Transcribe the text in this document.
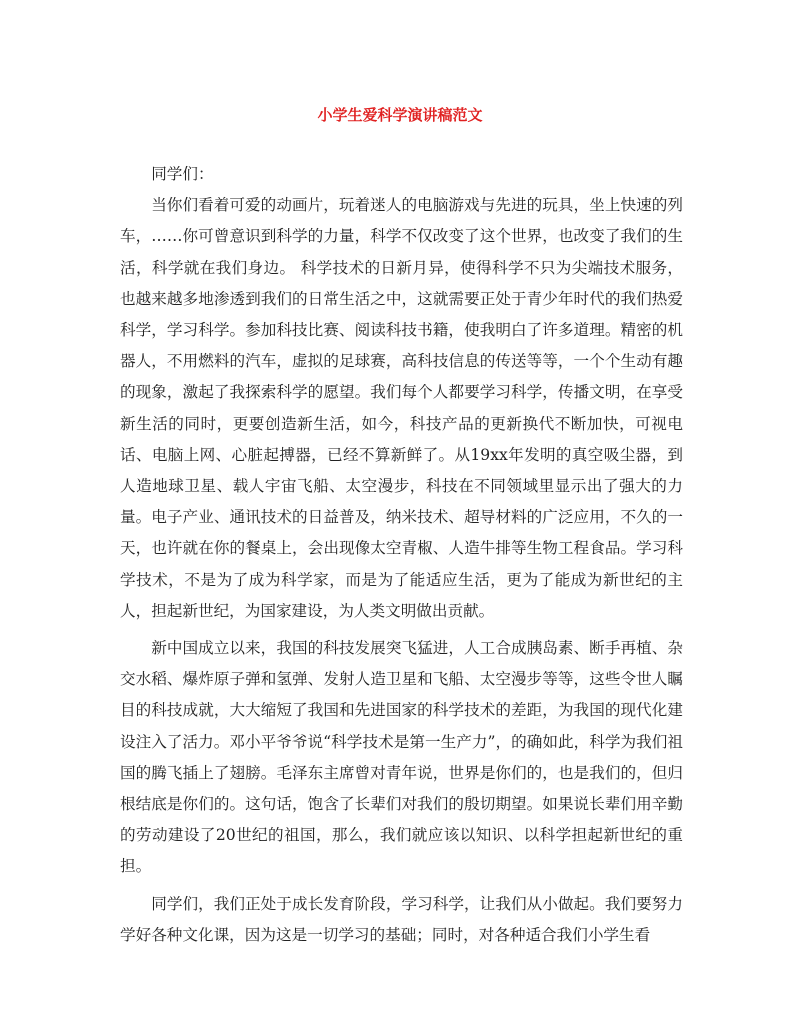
小学生爱科学演讲稿范文

同学们：

当你们看着可爱的动画片，玩着迷人的电脑游戏与先进的玩具，坐上快速的列车，……你可曾意识到科学的力量，科学不仅改变了这个世界，也改变了我们的生活，科学就在我们身边。 科学技术的日新月异，使得科学不只为尖端技术服务，也越来越多地渗透到我们的日常生活之中，这就需要正处于青少年时代的我们热爱科学，学习科学。参加科技比赛、阅读科技书籍，使我明白了许多道理。精密的机器人，不用燃料的汽车，虚拟的足球赛，高科技信息的传送等等，一个个生动有趣的现象，激起了我探索科学的愿望。我们每个人都要学习科学，传播文明，在享受新生活的同时，更要创造新生活，如今，科技产品的更新换代不断加快，可视电话、电脑上网、心脏起搏器，已经不算新鲜了。从19xx年发明的真空吸尘器，到人造地球卫星、载人宇宙飞船、太空漫步，科技在不同领域里显示出了强大的力量。电子产业、通讯技术的日益普及，纳米技术、超导材料的广泛应用，不久的一天，也许就在你的餐桌上，会出现像太空青椒、人造牛排等生物工程食品。学习科学技术，不是为了成为科学家，而是为了能适应生活，更为了能成为新世纪的主人，担起新世纪，为国家建设，为人类文明做出贡献。

新中国成立以来，我国的科技发展突飞猛进，人工合成胰岛素、断手再植、杂交水稻、爆炸原子弹和氢弹、发射人造卫星和飞船、太空漫步等等，这些令世人瞩目的科技成就，大大缩短了我国和先进国家的科学技术的差距，为我国的现代化建设注入了活力。邓小平爷爷说“科学技术是第一生产力”，的确如此，科学为我们祖国的腾飞插上了翅膀。毛泽东主席曾对青年说，世界是你们的，也是我们的，但归根结底是你们的。这句话，饱含了长辈们对我们的殷切期望。如果说长辈们用辛勤的劳动建设了20世纪的祖国，那么，我们就应该以知识、以科学担起新世纪的重担。

同学们，我们正处于成长发育阶段，学习科学，让我们从小做起。我们要努力学好各种文化课，因为这是一切学习的基础；同时，对各种适合我们小学生看
